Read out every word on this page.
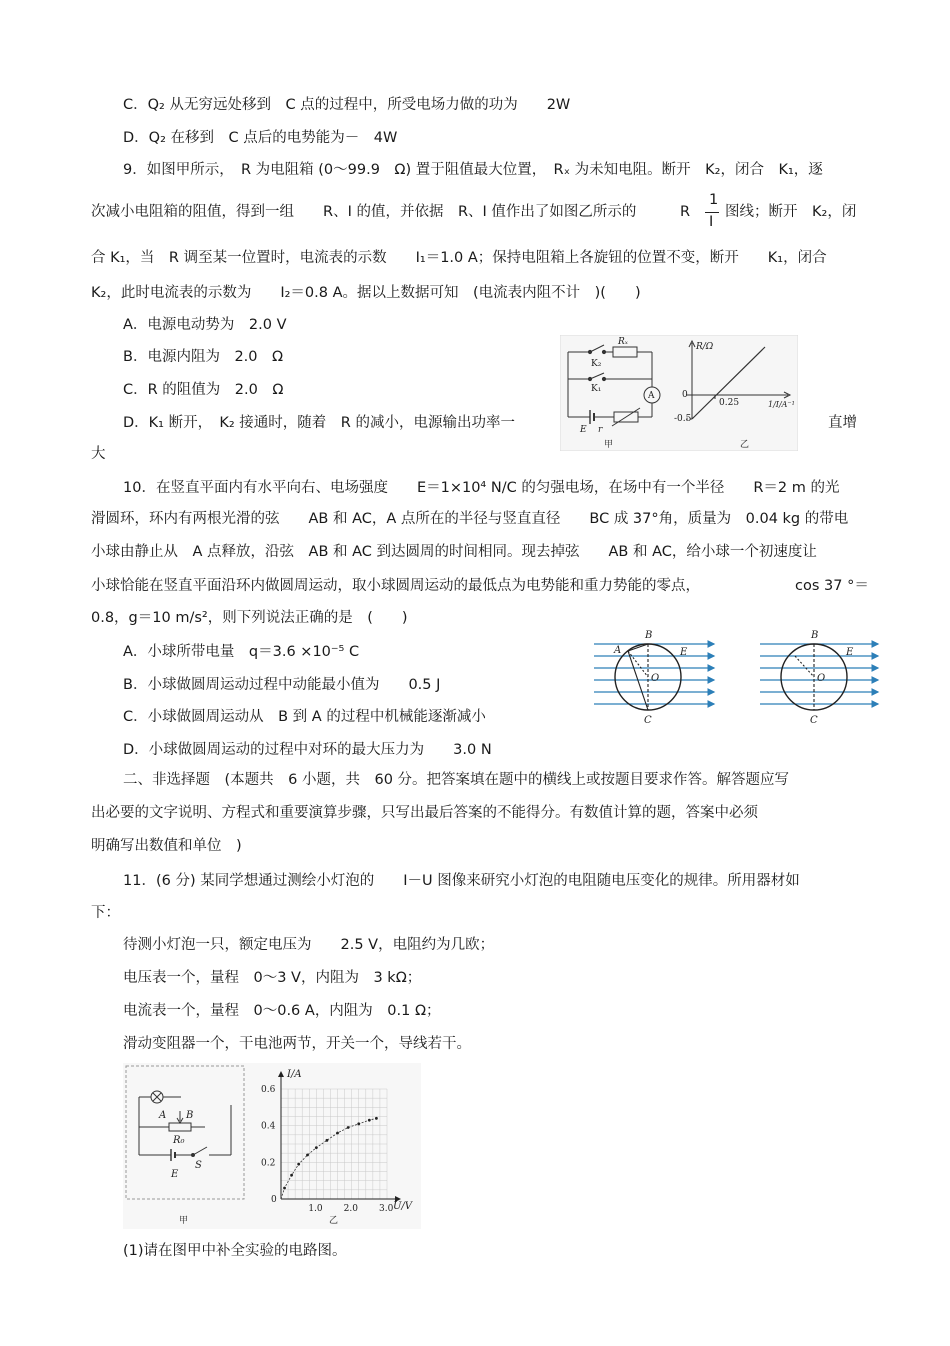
C．Q₂ 从无穷远处移到　C 点的过程中，所受电场力做的功为　　2W
D．Q₂ 在移到　C 点后的电势能为－　4W
9．如图甲所示，　R 为电阻箱 (0～99.9　Ω) 置于阻值最大位置，　Rₓ 为未知电阻。断开　K₂，闭合　K₁，逐
次减小电阻箱的阻值，得到一组　　R、I 的值，并依据　R、I 值作出了如图乙所示的	R
1
I
图线；断开　K₂，闭
合 K₁，当　R 调至某一位置时，电流表的示数　　I₁＝1.0 A；保持电阻箱上各旋钮的位置不变，断开　　K₁，闭合
K₂，此时电流表的示数为　　I₂＝0.8 A。据以上数据可知　(电流表内阻不计　)(　　)
A．电源电动势为　2.0 V
B．电源内阻为　2.0　Ω
C．R 的阻值为　2.0　Ω
D．K₁ 断开，　K₂ 接通时，随着　R 的减小，电源输出功率一	直增
大
10．在竖直平面内有水平向右、电场强度　　E＝1×10⁴ N/C 的匀强电场，在场中有一个半径　　R＝2 m 的光
滑圆环，环内有两根光滑的弦　　AB 和 AC，A 点所在的半径与竖直直径　　BC 成 37°角，质量为　0.04 kg 的带电
小球由静止从　A 点释放，沿弦　AB 和 AC 到达圆周的时间相同。现去掉弦　　AB 和 AC，给小球一个初速度让
小球恰能在竖直平面沿环内做圆周运动，取小球圆周运动的最低点为电势能和重力势能的零点，	cos 37 °＝
0.8，g＝10 m/s²，则下列说法正确的是　(　　)
A．小球所带电量　q＝3.6 ×10⁻⁵ C
B．小球做圆周运动过程中动能最小值为　　0.5 J
C．小球做圆周运动从　B 到 A 的过程中机械能逐渐减小
D．小球做圆周运动的过程中对环的最大压力为　　3.0 N
二、非选择题　(本题共　6 小题，共　60 分。把答案填在题中的横线上或按题目要求作答。解答题应写
出必要的文字说明、方程式和重要演算步骤，只写出最后答案的不能得分。有数值计算的题，答案中必须
明确写出数值和单位　)
11．(6 分) 某同学想通过测绘小灯泡的　　I－U 图像来研究小灯泡的电阻随电压变化的规律。所用器材如
下：
待测小灯泡一只，额定电压为　　2.5 V，电阻约为几欧；
电压表一个，量程　0～3 V，内阻为　3 kΩ；
电流表一个，量程　0～0.6 A，内阻为　0.1 Ω；
滑动变阻器一个，干电池两节，开关一个，导线若干。
(1)请在图甲中补全实验的电路图。
Rₓ
K₂
K₁
A
E r
甲
R/Ω
0
-0.5
0.25	1/I/A⁻¹
乙
B
A	E
O
C
B
E
O
C
A B
R₀
S
E
甲
1.0 2.0 3.0
0
0.2
0.4
0.6
I/A
U/V
乙
